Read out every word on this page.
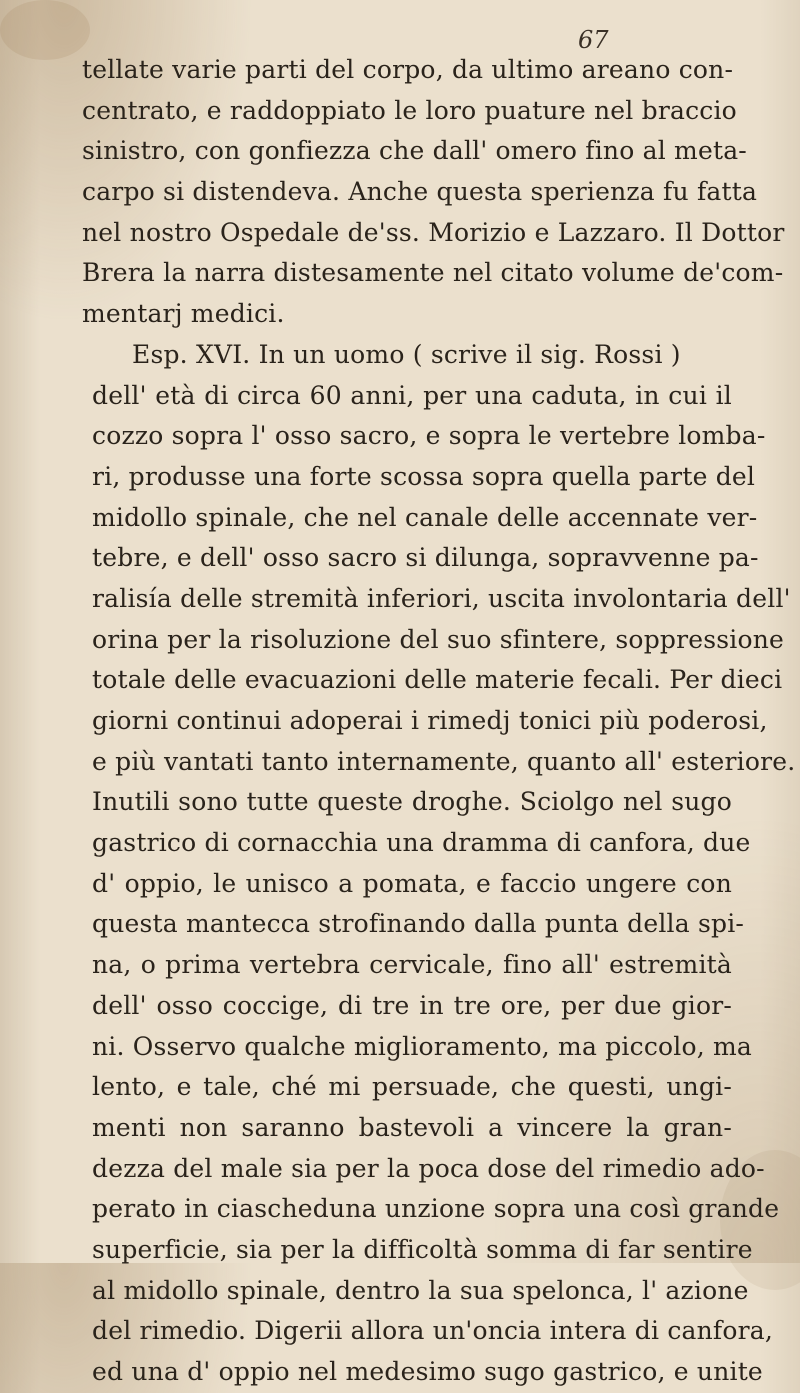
67
tellate varie parti del corpo, da ultimo areano con-
centrato, e raddoppiato le loro puature nel braccio
sinistro, con gonfiezza che dall' omero fino al meta-
carpo si distendeva. Anche questa sperienza fu fatta
nel nostro Ospedale de'ss. Morizio e Lazzaro. Il Dottor
Brera la narra distesamente nel citato volume de'com-
mentarj medici.
Esp. XVI. In un uomo ( scrive il sig. Rossi )
dell' età di circa 60 anni, per una caduta, in cui il
cozzo sopra l' osso sacro, e sopra le vertebre lomba-
ri, produsse una forte scossa sopra quella parte del
midollo spinale, che nel canale delle accennate ver-
tebre, e dell' osso sacro si dilunga, sopravvenne pa-
ralisía delle stremità inferiori, uscita involontaria dell'
orina per la risoluzione del suo sfintere, soppressione
totale delle evacuazioni delle materie fecali. Per dieci
giorni continui adoperai i rimedj tonici più poderosi,
e più vantati tanto internamente, quanto all' esteriore.
Inutili sono tutte queste droghe. Sciolgo nel sugo
gastrico di cornacchia una dramma di canfora, due
d' oppio, le unisco a pomata, e faccio ungere con
questa mantecca strofinando dalla punta della spi-
na, o prima vertebra cervicale, fino all' estremità
dell' osso coccige, di tre in tre ore, per due gior-
ni. Osservo qualche miglioramento, ma piccolo, ma
lento, e tale, ché mi persuade, che questi, ungi-
menti non saranno bastevoli a vincere la gran-
dezza del male sia per la poca dose del rimedio ado-
perato in ciascheduna unzione sopra una così grande
superficie, sia per la difficoltà somma di far sentire
al midollo spinale, dentro la sua spelonca, l' azione
del rimedio. Digerii allora un'oncia intera di canfora,
ed una d' oppio nel medesimo sugo gastrico, e unite
